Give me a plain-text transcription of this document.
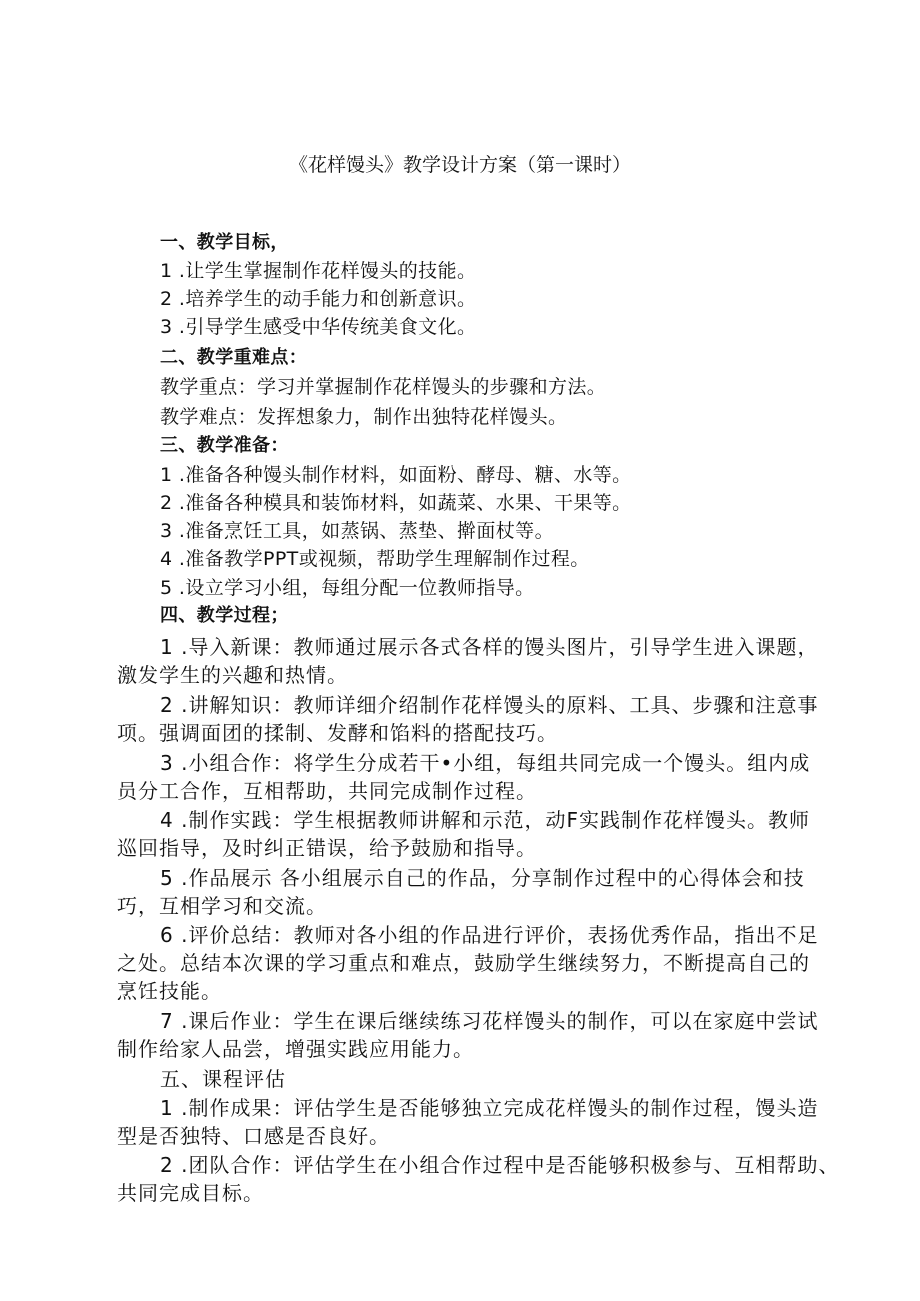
《花样馒头》教学设计方案（第一课时）
一、教学目标，
1 .让学生掌握制作花样馒头的技能。
2 .培养学生的动手能力和创新意识。
3 .引导学生感受中华传统美食文化。
二、教学重难点：
教学重点：学习并掌握制作花样馒头的步骤和方法。
教学难点：发挥想象力，制作出独特花样馒头。
三、教学准备：
1 .准备各种馒头制作材料，如面粉、酵母、糖、水等。
2 .准备各种模具和装饰材料，如蔬菜、水果、干果等。
3 .准备烹饪工具，如蒸锅、蒸垫、擀面杖等。
4 .准备教学PPT或视频，帮助学生理解制作过程。
5 .设立学习小组，每组分配一位教师指导。
四、教学过程；
1 .导入新课：教师通过展示各式各样的馒头图片，引导学生进入课题，
激发学生的兴趣和热情。
2 .讲解知识：教师详细介绍制作花样馒头的原料、工具、步骤和注意事
项。强调面团的揉制、发酵和馅料的搭配技巧。
3 .小组合作：将学生分成若干•小组，每组共同完成一个馒头。组内成
员分工合作，互相帮助，共同完成制作过程。
4 .制作实践：学生根据教师讲解和示范，动F实践制作花样馒头。教师
巡回指导，及时纠正错误，给予鼓励和指导。
5 .作品展示 各小组展示自己的作品，分享制作过程中的心得体会和技
巧，互相学习和交流。
6 .评价总结：教师对各小组的作品进行评价，表扬优秀作品，指出不足
之处。总结本次课的学习重点和难点，鼓励学生继续努力，不断提高自己的
烹饪技能。
7 .课后作业：学生在课后继续练习花样馒头的制作，可以在家庭中尝试
制作给家人品尝，增强实践应用能力。
五、课程评估
1 .制作成果：评估学生是否能够独立完成花样馒头的制作过程，馒头造
型是否独特、口感是否良好。
2 .团队合作：评估学生在小组合作过程中是否能够积极参与、互相帮助、
共同完成目标。
